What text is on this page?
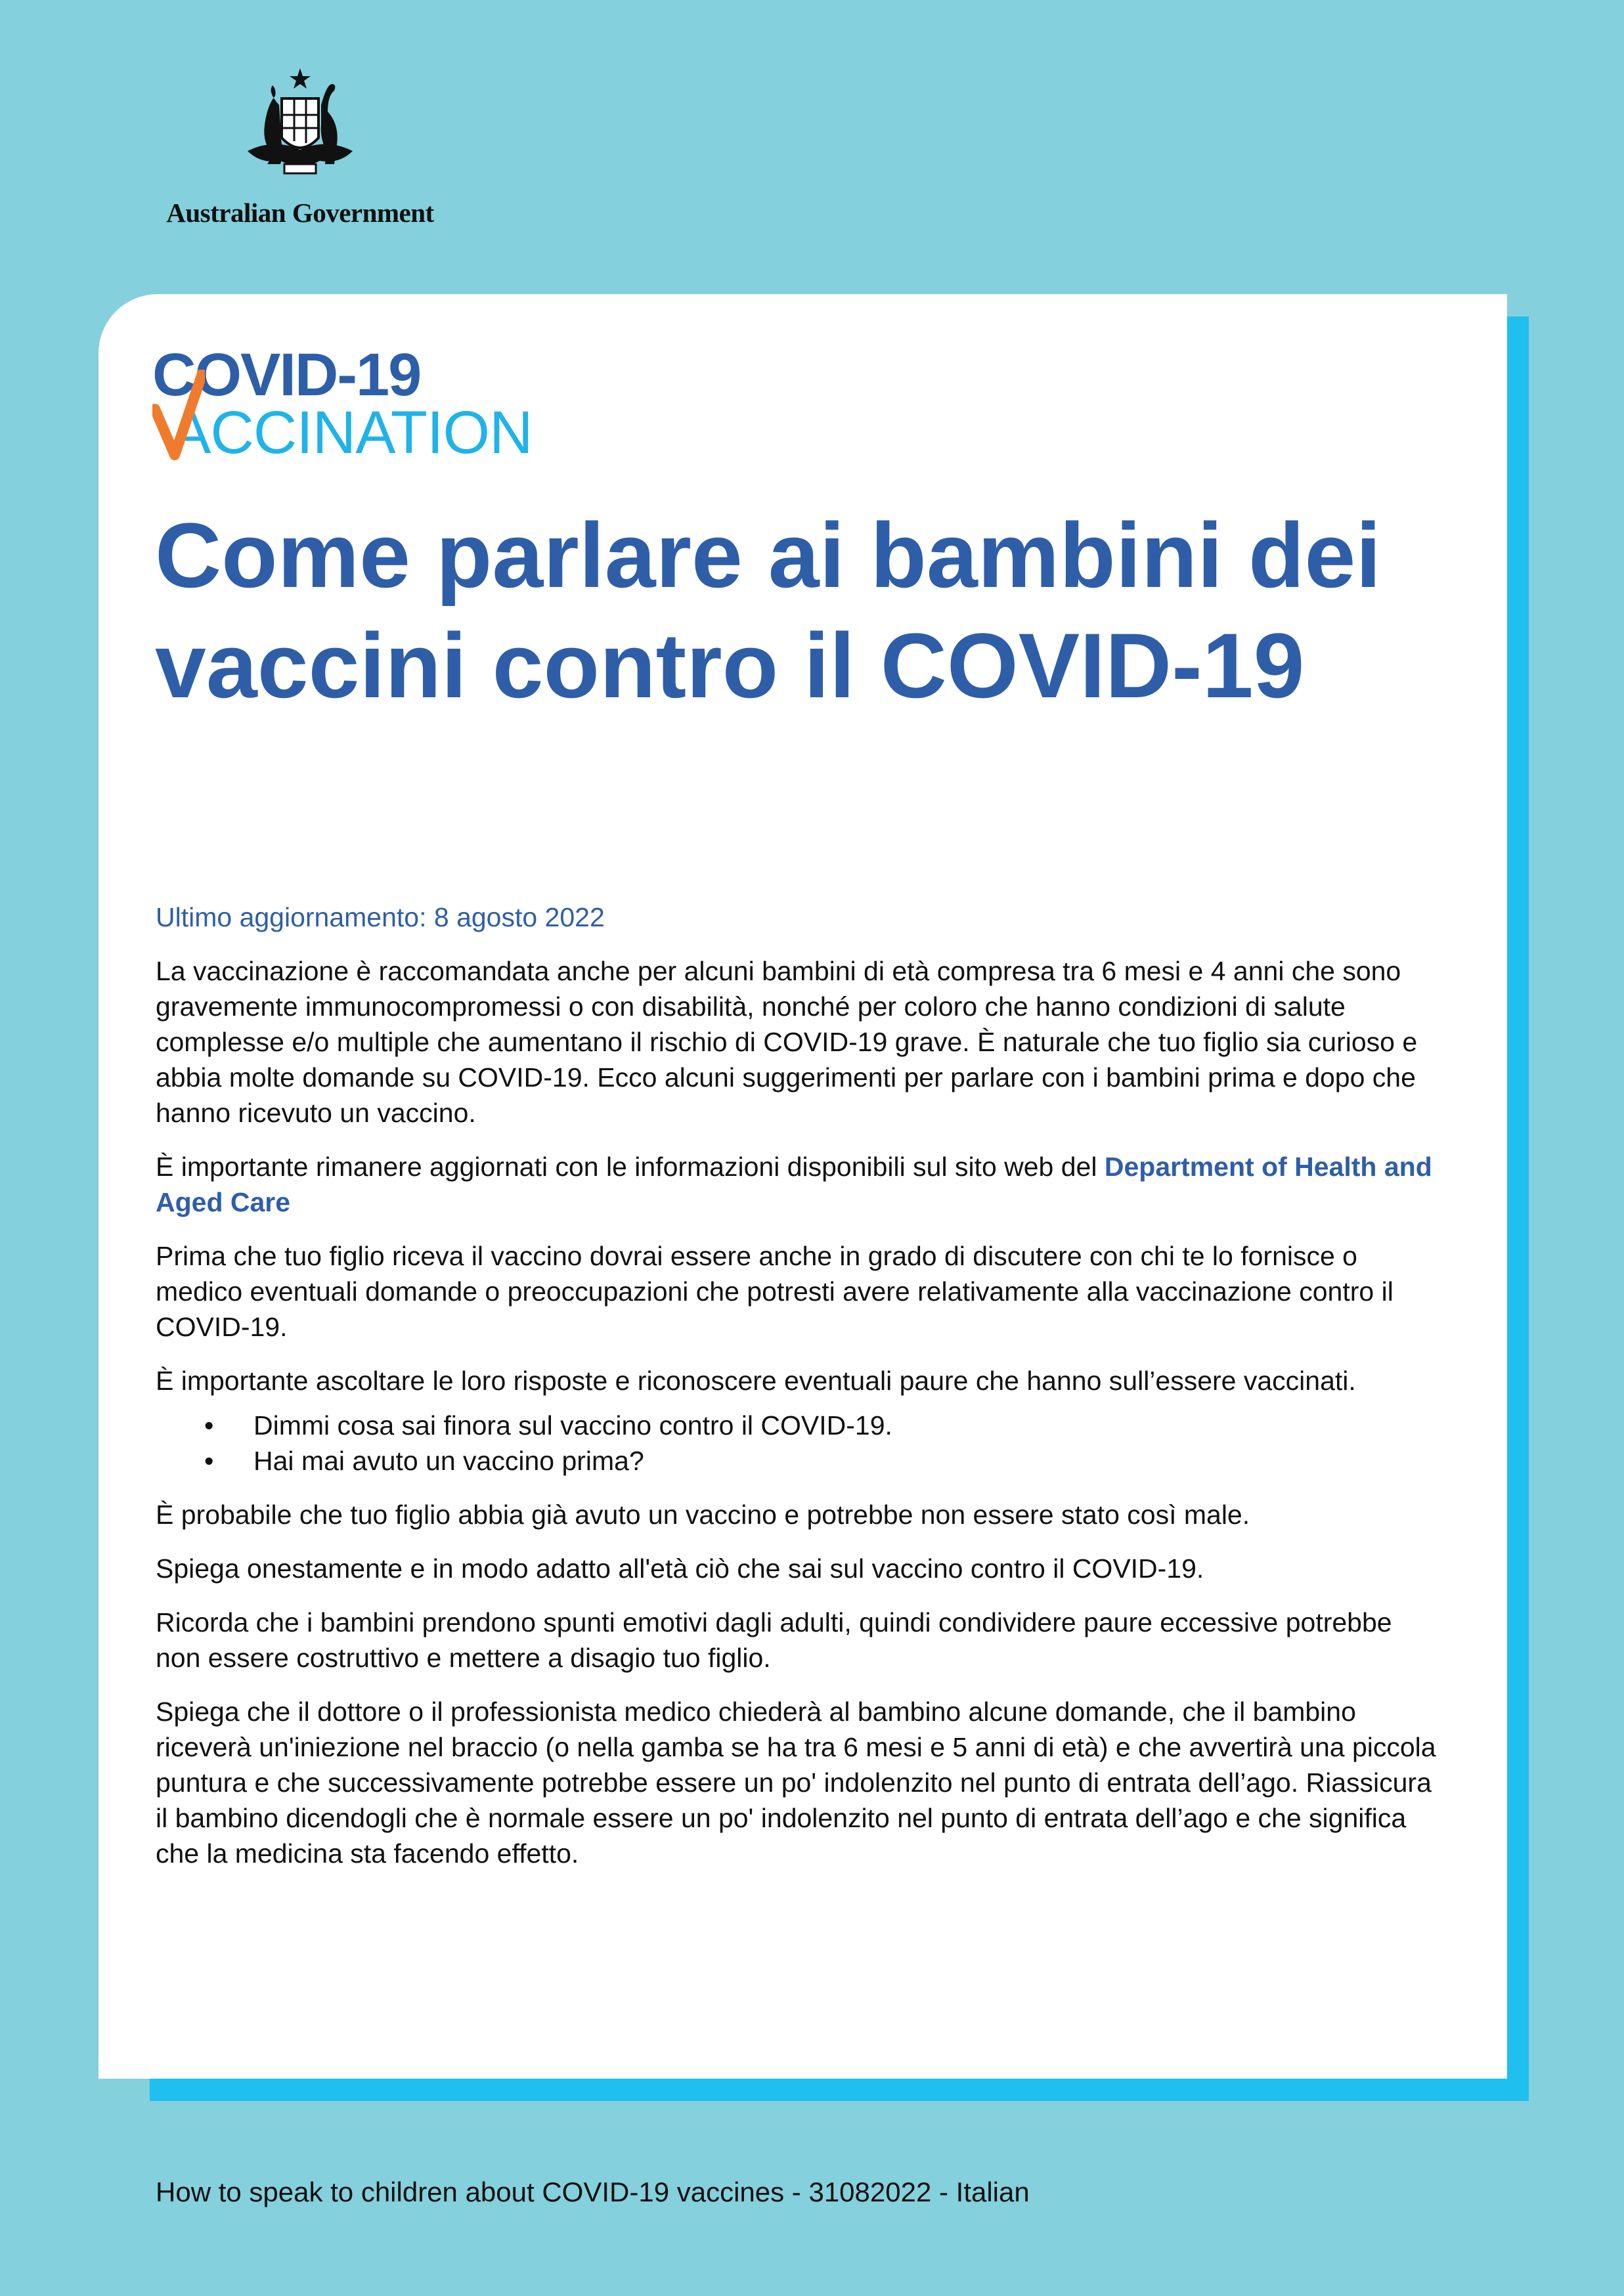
Australian Government
COVID-19
ACCINATION
Come parlare ai bambini dei vaccini contro il COVID-19

Ultimo aggiornamento: 8 agosto 2022

La vaccinazione è raccomandata anche per alcuni bambini di età compresa tra 6 mesi e 4 anni che sono gravemente immunocompromessi o con disabilità, nonché per coloro che hanno condizioni di salute complesse e/o multiple che aumentano il rischio di COVID-19 grave. È naturale che tuo figlio sia curioso e abbia molte domande su COVID-19. Ecco alcuni suggerimenti per parlare con i bambini prima e dopo che hanno ricevuto un vaccino.

È importante rimanere aggiornati con le informazioni disponibili sul sito web del Department of Health and Aged Care

Prima che tuo figlio riceva il vaccino dovrai essere anche in grado di discutere con chi te lo fornisce o medico eventuali domande o preoccupazioni che potresti avere relativamente alla vaccinazione contro il COVID-19.

È importante ascoltare le loro risposte e riconoscere eventuali paure che hanno sull’essere vaccinati.

• Dimmi cosa sai finora sul vaccino contro il COVID-19.
• Hai mai avuto un vaccino prima?

È probabile che tuo figlio abbia già avuto un vaccino e potrebbe non essere stato così male.

Spiega onestamente e in modo adatto all'età ciò che sai sul vaccino contro il COVID-19.

Ricorda che i bambini prendono spunti emotivi dagli adulti, quindi condividere paure eccessive potrebbe non essere costruttivo e mettere a disagio tuo figlio.

Spiega che il dottore o il professionista medico chiederà al bambino alcune domande, che il bambino riceverà un'iniezione nel braccio (o nella gamba se ha tra 6 mesi e 5 anni di età) e che avvertirà una piccola puntura e che successivamente potrebbe essere un po' indolenzito nel punto di entrata dell’ago. Riassicura il bambino dicendogli che è normale essere un po' indolenzito nel punto di entrata dell’ago e che significa che la medicina sta facendo effetto.

How to speak to children about COVID-19 vaccines - 31082022 - Italian
